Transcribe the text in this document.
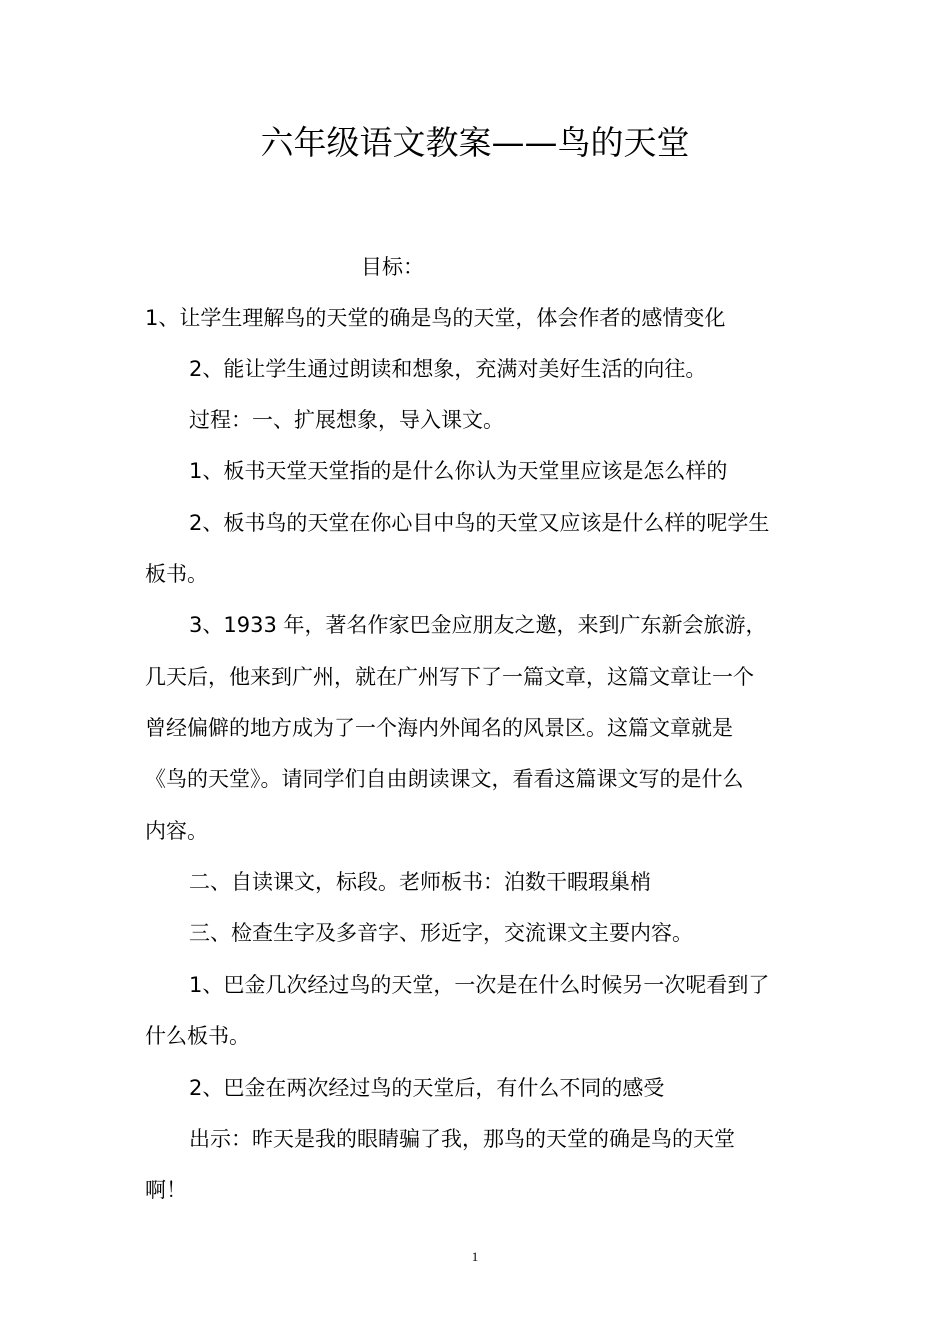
六年级语文教案——鸟的天堂

目标：

1、让学生理解鸟的天堂的确是鸟的天堂，体会作者的感情变化

2、能让学生通过朗读和想象，充满对美好生活的向往。

过程：一、扩展想象，导入课文。

1、板书天堂天堂指的是什么你认为天堂里应该是怎么样的

2、板书鸟的天堂在你心目中鸟的天堂又应该是什么样的呢学生

板书。

3、1933 年，著名作家巴金应朋友之邀，来到广东新会旅游，

几天后，他来到广州，就在广州写下了一篇文章，这篇文章让一个

曾经偏僻的地方成为了一个海内外闻名的风景区。这篇文章就是

《鸟的天堂》。请同学们自由朗读课文，看看这篇课文写的是什么

内容。

二、自读课文，标段。老师板书：泊数干暇瑕巢梢

三、检查生字及多音字、形近字，交流课文主要内容。

1、巴金几次经过鸟的天堂，一次是在什么时候另一次呢看到了

什么板书。

2、巴金在两次经过鸟的天堂后，有什么不同的感受

出示：昨天是我的眼睛骗了我，那鸟的天堂的确是鸟的天堂

啊！

1
